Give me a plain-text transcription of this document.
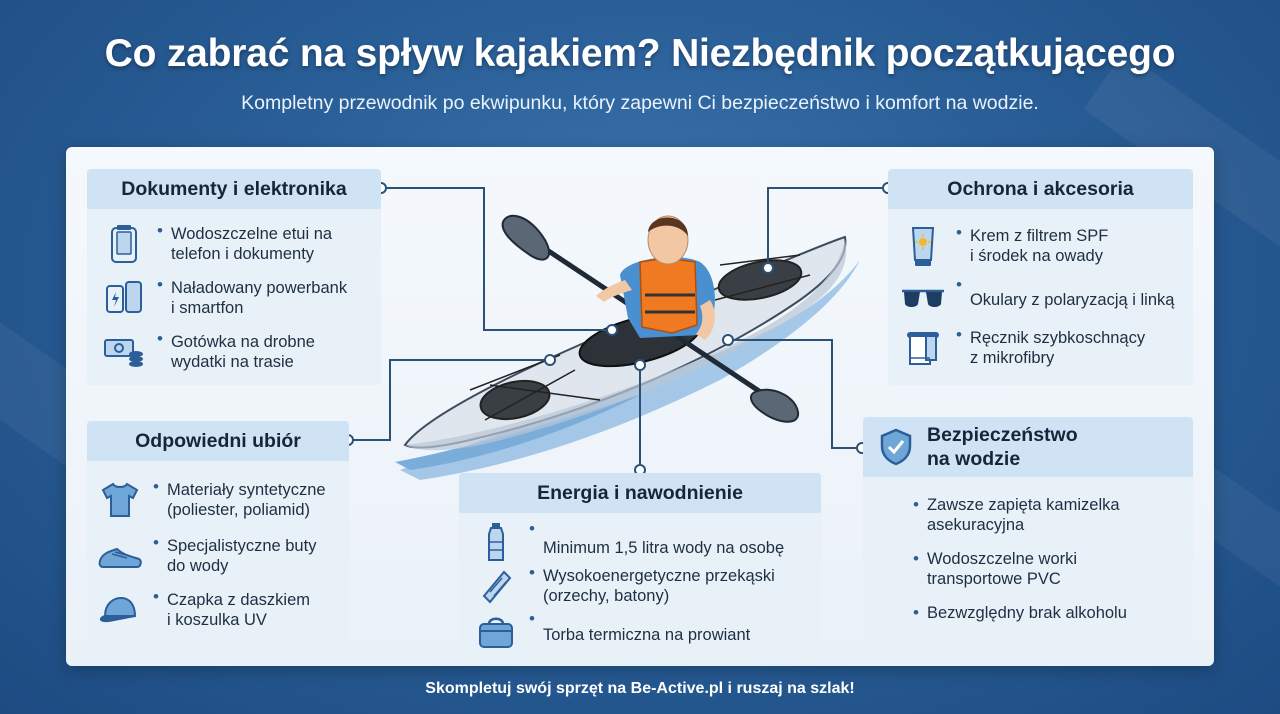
Co zabrać na spływ kajakiem? Niezbędnik początkującego
Kompletny przewodnik po ekwipunku, który zapewni Ci bezpieczeństwo i komfort na wodzie.
Dokumenty i elektronika
• Wodoszczelne etui na
telefon i dokumenty
• Naładowany powerbank
i smartfon
• Gotówka na drobne
wydatki na trasie
Odpowiedni ubiór
• Materiały syntetyczne
(poliester, poliamid)
• Specjalistyczne buty
do wody
• Czapka z daszkiem
i koszulka UV
Energia i nawodnienie
•
Minimum 1,5 litra wody na osobę
• Wysokoenergetyczne przekąski
(orzechy, batony)
•
Torba termiczna na prowiant
Ochrona i akcesoria
• Krem z filtrem SPF
i środek na owady
•
Okulary z polaryzacją i linką
• Ręcznik szybkoschnący
z mikrofibry
Bezpieczeństwo
na wodzie
• Zawsze zapięta kamizelka
asekuracyjna
• Wodoszczelne worki
transportowe PVC
• Bezwzględny brak alkoholu
Skompletuj swój sprzęt na Be-Active.pl i ruszaj na szlak!
